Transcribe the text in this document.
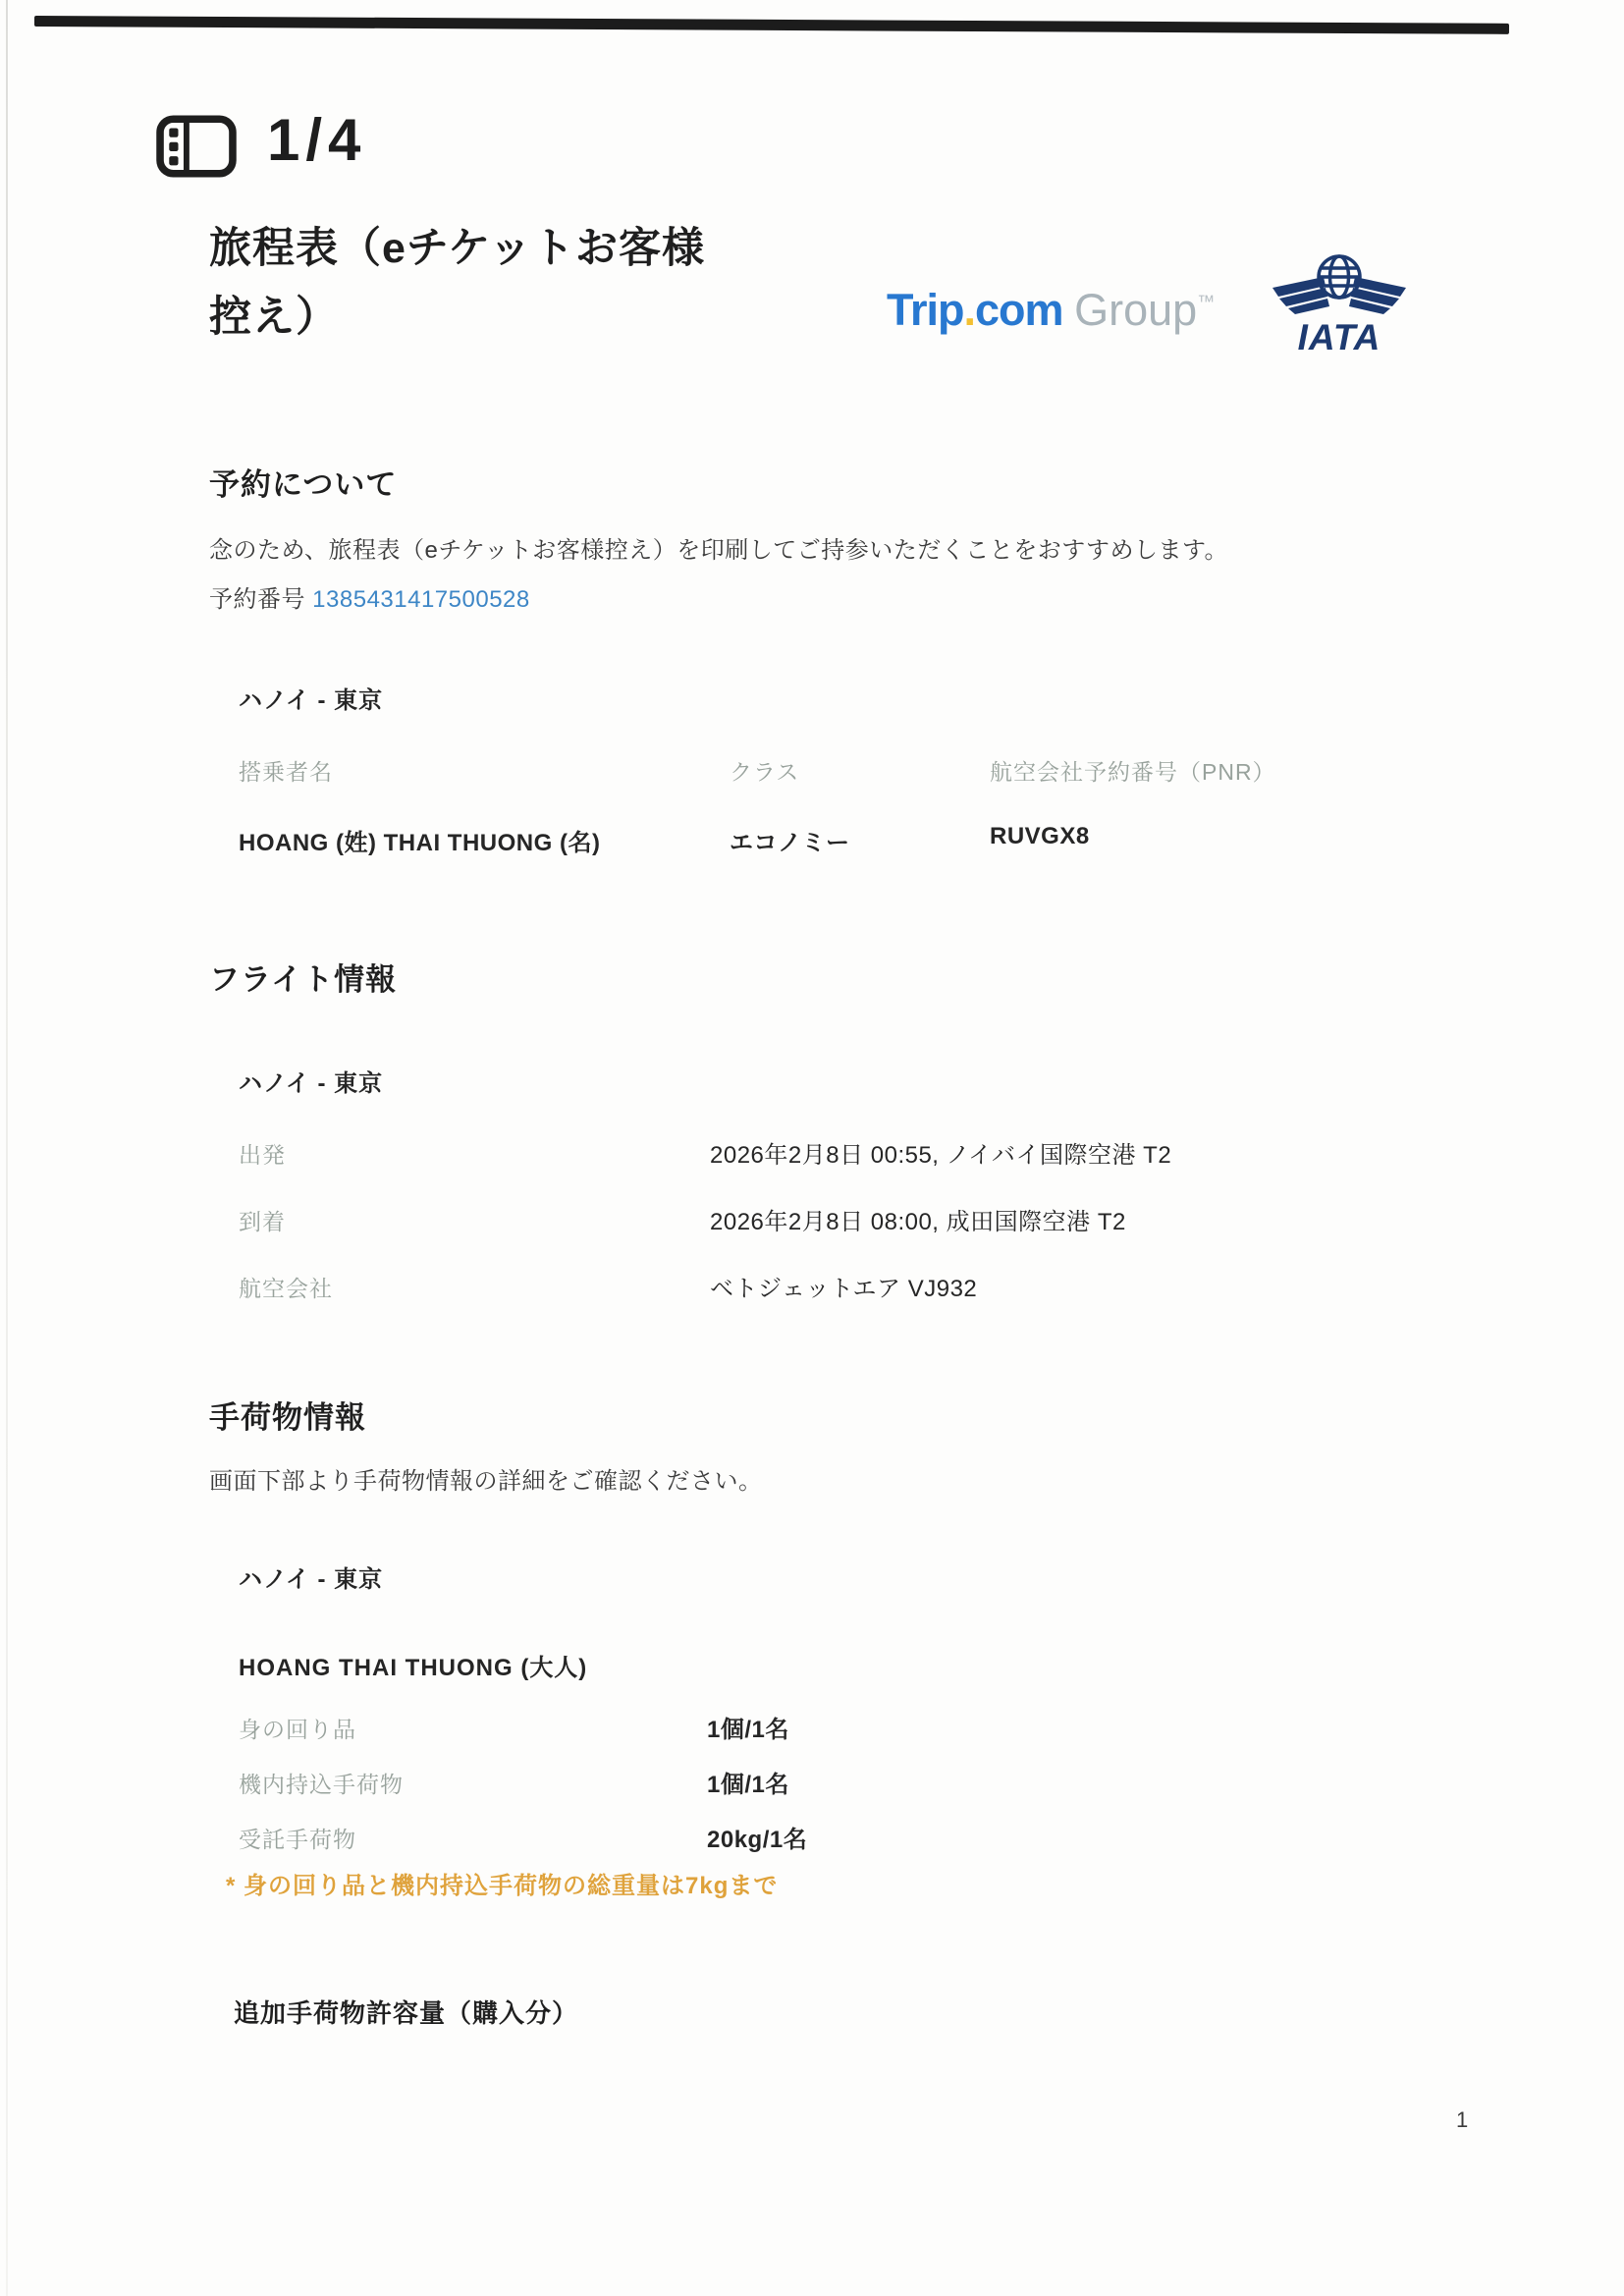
1/4
旅程表（eチケットお客様
控え）	Trip.com Group™
IATA
予約について
念のため、旅程表（eチケットお客様控え）を印刷してご持参いただくことをおすすめします。
予約番号 1385431417500528
ハノイ - 東京
搭乗者名	クラス	航空会社予約番号（PNR）
HOANG (姓) THAI THUONG (名)	エコノミー	RUVGX8
フライト情報
ハノイ - 東京
出発	2026年2月8日 00:55, ノイバイ国際空港 T2
到着	2026年2月8日 08:00, 成田国際空港 T2
航空会社	ベトジェットエア VJ932
手荷物情報
画面下部より手荷物情報の詳細をご確認ください。
ハノイ - 東京
HOANG THAI THUONG (大人)
身の回り品	1個/1名
機内持込手荷物	1個/1名
受託手荷物	20kg/1名
* 身の回り品と機内持込手荷物の総重量は7kgまで
追加手荷物許容量（購入分）
1
